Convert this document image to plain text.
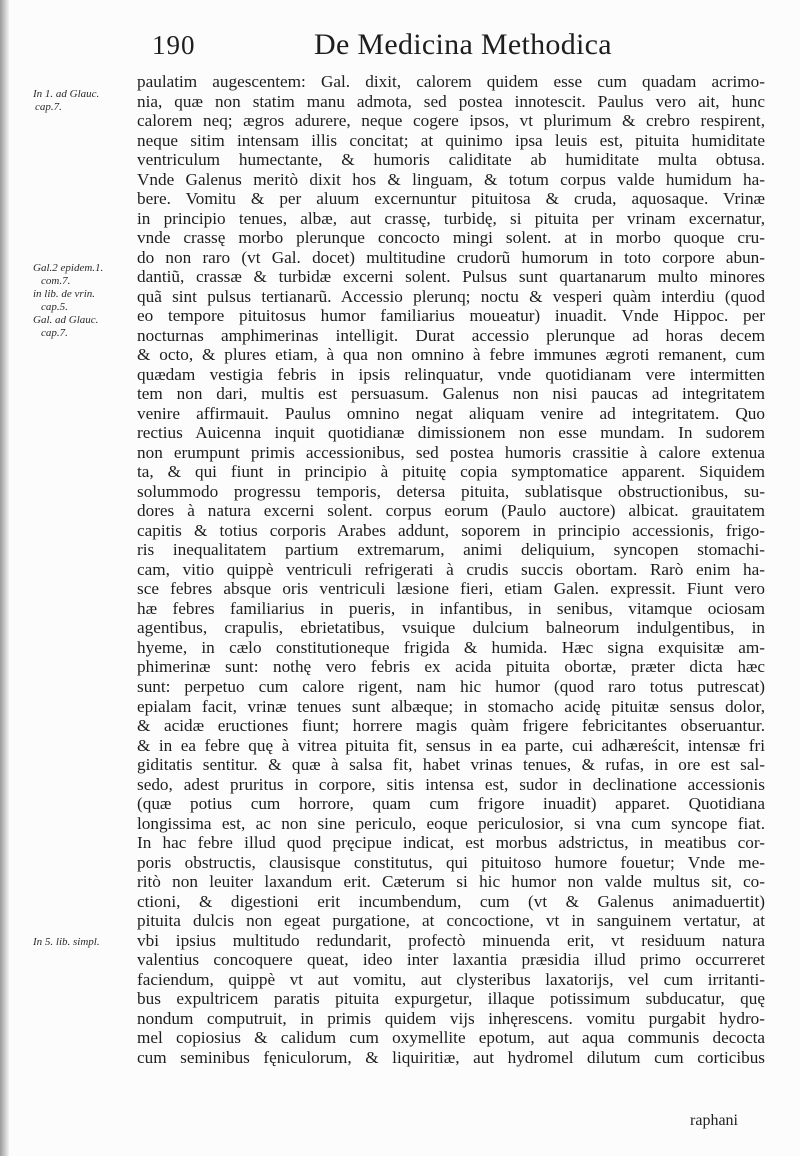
190	De Medicina Methodica
In 1. ad Glauc.
cap.7.
Gal.2 epidem.1.
com.7.
in lib. de vrin.
cap.5.
Gal. ad Glauc.
cap.7.
In 5. lib. simpl.
paulatim augescentem: Gal. dixit, calorem quidem esse cum quadam acrimo-
nia, quæ non statim manu admota, sed postea innotescit. Paulus vero ait, hunc
calorem neq; ægros adurere, neque cogere ipsos, vt plurimum & crebro respirent,
neque sitim intensam illis concitat; at quinimo ipsa leuis est, pituita humiditate
ventriculum humectante, & humoris caliditate ab humiditate multa obtusa.
Vnde Galenus meritò dixit hos & linguam, & totum corpus valde humidum ha-
bere. Vomitu & per aluum excernuntur pituitosa & cruda, aquosaque. Vrinæ
in principio tenues, albæ, aut crassę, turbidę, si pituita per vrinam excernatur,
vnde crassę morbo plerunque concocto mingi solent. at in morbo quoque cru-
do non raro (vt Gal. docet) multitudine crudorũ humorum in toto corpore abun-
dantiũ, crassæ & turbidæ excerni solent. Pulsus sunt quartanarum multo minores
quã sint pulsus tertianarũ. Accessio plerunq; noctu & vesperi quàm interdiu (quod
eo tempore pituitosus humor familiarius moueatur) inuadit. Vnde Hippoc. per
nocturnas amphimerinas intelligit. Durat accessio plerunque ad horas decem
& octo, & plures etiam, à qua non omnino à febre immunes ægroti remanent, cum
quædam vestigia febris in ipsis relinquatur, vnde quotidianam vere intermitten
tem non dari, multis est persuasum. Galenus non nisi paucas ad integritatem
venire affirmauit. Paulus omnino negat aliquam venire ad integritatem. Quo
rectius Auicenna inquit quotidianæ dimissionem non esse mundam. In sudorem
non erumpunt primis accessionibus, sed postea humoris crassitie à calore extenua
ta, & qui fiunt in principio à pituitę copia symptomatice apparent. Siquidem
solummodo progressu temporis, detersa pituita, sublatisque obstructionibus, su-
dores à natura excerni solent. corpus eorum (Paulo auctore) albicat. grauitatem
capitis & totius corporis Arabes addunt, soporem in principio accessionis, frigo-
ris inequalitatem partium extremarum, animi deliquium, syncopen stomachi-
cam, vitio quippè ventriculi refrigerati à crudis succis obortam. Rarò enim ha-
sce febres absque oris ventriculi læsione fieri, etiam Galen. expressit. Fiunt vero
hæ febres familiarius in pueris, in infantibus, in senibus, vitamque ociosam
agentibus, crapulis, ebrietatibus, vsuique dulcium balneorum indulgentibus, in
hyeme, in cælo constitutioneque frigida & humida. Hæc signa exquisitæ am-
phimerinæ sunt: nothę vero febris ex acida pituita obortæ, præter dicta hæc
sunt: perpetuo cum calore rigent, nam hic humor (quod raro totus putrescat)
epialam facit, vrinæ tenues sunt albæque; in stomacho acidę pituitæ sensus dolor,
& acidæ eructiones fiunt; horrere magis quàm frigere febricitantes obseruantur.
& in ea febre quę à vitrea pituita fit, sensus in ea parte, cui adhæreścit, intensæ fri
giditatis sentitur. & quæ à salsa fit, habet vrinas tenues, & rufas, in ore est sal-
sedo, adest pruritus in corpore, sitis intensa est, sudor in declinatione accessionis
(quæ potius cum horrore, quam cum frigore inuadit) apparet. Quotidiana
longissima est, ac non sine periculo, eoque periculosior, si vna cum syncope fiat.
In hac febre illud quod pręcipue indicat, est morbus adstrictus, in meatibus cor-
poris obstructis, clausisque constitutus, qui pituitoso humore fouetur; Vnde me-
ritò non leuiter laxandum erit. Cæterum si hic humor non valde multus sit, co-
ctioni, & digestioni erit incumbendum, cum (vt & Galenus animaduertit)
pituita dulcis non egeat purgatione, at concoctione, vt in sanguinem vertatur, at
vbi ipsius multitudo redundarit, profectò minuenda erit, vt residuum natura
valentius concoquere queat, ideo inter laxantia præsidia illud primo occurreret
faciendum, quippè vt aut vomitu, aut clysteribus laxatorijs, vel cum irritanti-
bus expultricem paratis pituita expurgetur, illaque potissimum subducatur, quę
nondum computruit, in primis quidem vijs inhęrescens. vomitu purgabit hydro-
mel copiosius & calidum cum oxymellite epotum, aut aqua communis decocta
cum seminibus fęniculorum, & liquiritiæ, aut hydromel dilutum cum corticibus
raphani
